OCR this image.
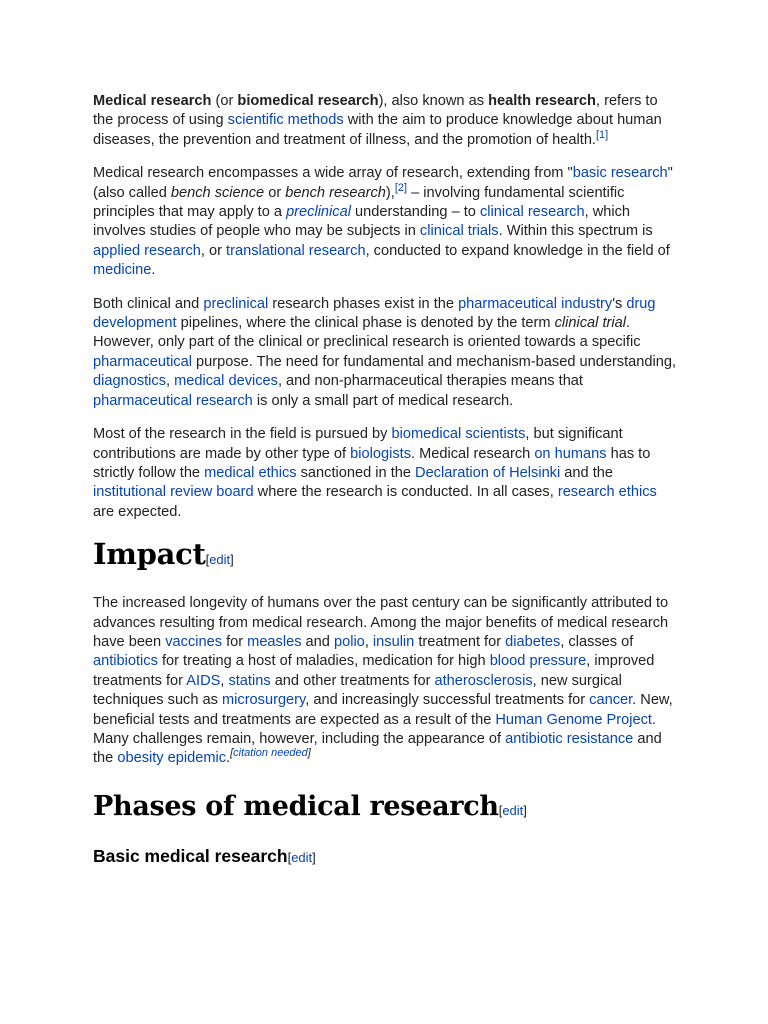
Medical research (or biomedical research), also known as health research, refers to the process of using scientific methods with the aim to produce knowledge about human diseases, the prevention and treatment of illness, and the promotion of health.[1]

Medical research encompasses a wide array of research, extending from "basic research" (also called bench science or bench research),[2] – involving fundamental scientific principles that may apply to a preclinical understanding – to clinical research, which involves studies of people who may be subjects in clinical trials. Within this spectrum is applied research, or translational research, conducted to expand knowledge in the field of medicine.

Both clinical and preclinical research phases exist in the pharmaceutical industry's drug development pipelines, where the clinical phase is denoted by the term clinical trial. However, only part of the clinical or preclinical research is oriented towards a specific pharmaceutical purpose. The need for fundamental and mechanism-based understanding, diagnostics, medical devices, and non-pharmaceutical therapies means that pharmaceutical research is only a small part of medical research.

Most of the research in the field is pursued by biomedical scientists, but significant contributions are made by other type of biologists. Medical research on humans has to strictly follow the medical ethics sanctioned in the Declaration of Helsinki and the institutional review board where the research is conducted. In all cases, research ethics are expected.

Impact[edit]

The increased longevity of humans over the past century can be significantly attributed to advances resulting from medical research. Among the major benefits of medical research have been vaccines for measles and polio, insulin treatment for diabetes, classes of antibiotics for treating a host of maladies, medication for high blood pressure, improved treatments for AIDS, statins and other treatments for atherosclerosis, new surgical techniques such as microsurgery, and increasingly successful treatments for cancer. New, beneficial tests and treatments are expected as a result of the Human Genome Project. Many challenges remain, however, including the appearance of antibiotic resistance and the obesity epidemic.[citation needed]

Phases of medical research[edit]
Basic medical research[edit]
